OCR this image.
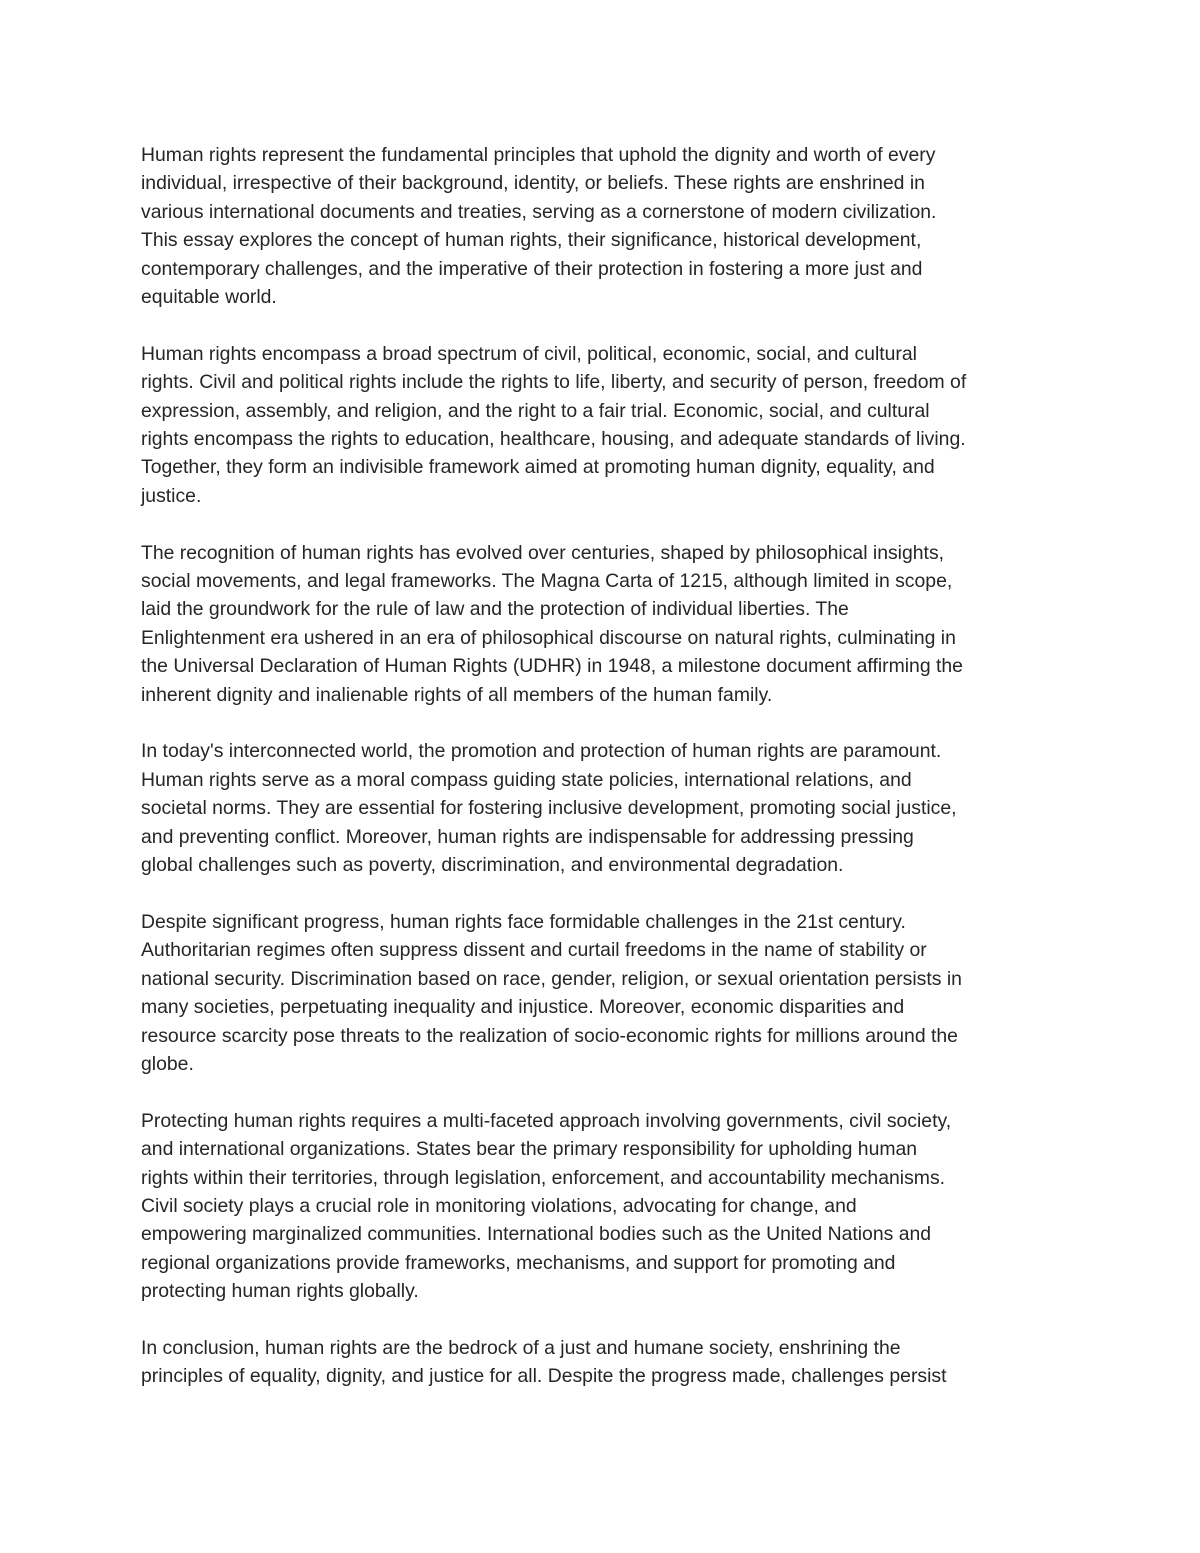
Human rights represent the fundamental principles that uphold the dignity and worth of every
individual, irrespective of their background, identity, or beliefs. These rights are enshrined in
various international documents and treaties, serving as a cornerstone of modern civilization.
This essay explores the concept of human rights, their significance, historical development,
contemporary challenges, and the imperative of their protection in fostering a more just and
equitable world.

Human rights encompass a broad spectrum of civil, political, economic, social, and cultural
rights. Civil and political rights include the rights to life, liberty, and security of person, freedom of
expression, assembly, and religion, and the right to a fair trial. Economic, social, and cultural
rights encompass the rights to education, healthcare, housing, and adequate standards of living.
Together, they form an indivisible framework aimed at promoting human dignity, equality, and
justice.

The recognition of human rights has evolved over centuries, shaped by philosophical insights,
social movements, and legal frameworks. The Magna Carta of 1215, although limited in scope,
laid the groundwork for the rule of law and the protection of individual liberties. The
Enlightenment era ushered in an era of philosophical discourse on natural rights, culminating in
the Universal Declaration of Human Rights (UDHR) in 1948, a milestone document affirming the
inherent dignity and inalienable rights of all members of the human family.

In today's interconnected world, the promotion and protection of human rights are paramount.
Human rights serve as a moral compass guiding state policies, international relations, and
societal norms. They are essential for fostering inclusive development, promoting social justice,
and preventing conflict. Moreover, human rights are indispensable for addressing pressing
global challenges such as poverty, discrimination, and environmental degradation.

Despite significant progress, human rights face formidable challenges in the 21st century.
Authoritarian regimes often suppress dissent and curtail freedoms in the name of stability or
national security. Discrimination based on race, gender, religion, or sexual orientation persists in
many societies, perpetuating inequality and injustice. Moreover, economic disparities and
resource scarcity pose threats to the realization of socio-economic rights for millions around the
globe.

Protecting human rights requires a multi-faceted approach involving governments, civil society,
and international organizations. States bear the primary responsibility for upholding human
rights within their territories, through legislation, enforcement, and accountability mechanisms.
Civil society plays a crucial role in monitoring violations, advocating for change, and
empowering marginalized communities. International bodies such as the United Nations and
regional organizations provide frameworks, mechanisms, and support for promoting and
protecting human rights globally.

In conclusion, human rights are the bedrock of a just and humane society, enshrining the
principles of equality, dignity, and justice for all. Despite the progress made, challenges persist
